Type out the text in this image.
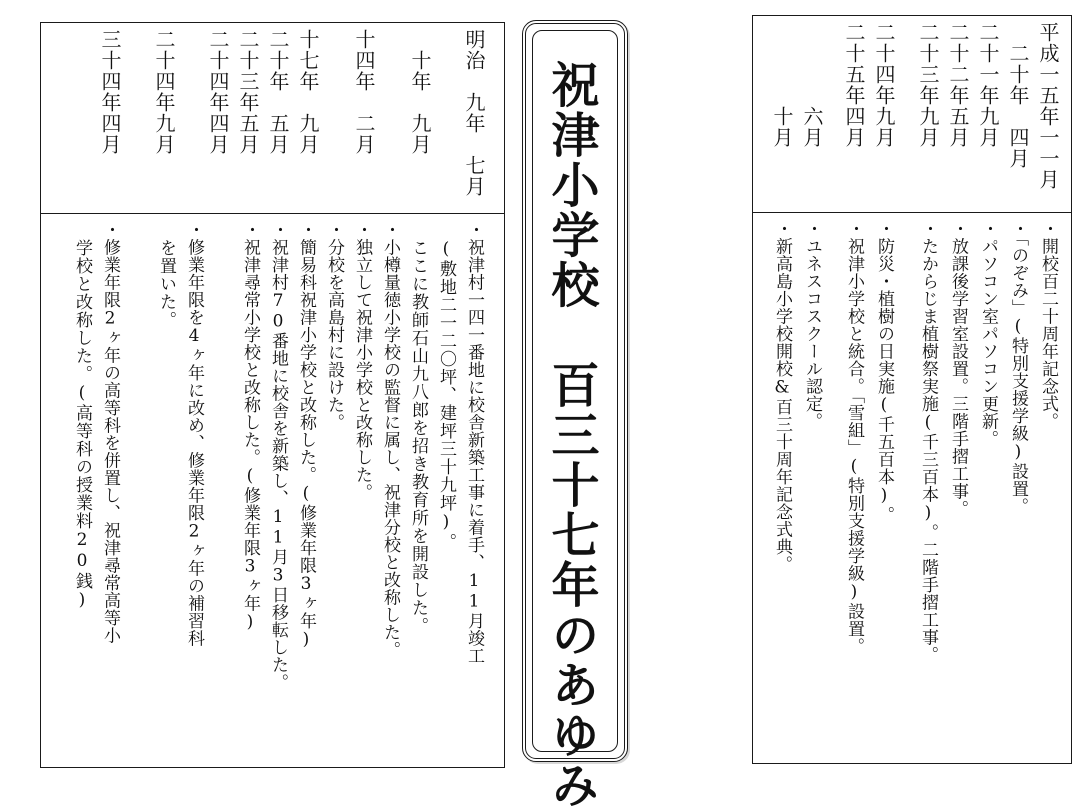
明治　九年　七月
　十年　九月
十四年　二月
十七年　九月
二十年　五月
二十三年五月
二十四年四月
二十四年九月
三十四年四月
・祝津村一四一番地に校舎新築工事に着手、11月竣工
　(敷地二一二〇坪、建坪三十九坪)。
　ここに教師石山九八郎を招き教育所を開設した。
・小樽量徳小学校の監督に属し、祝津分校と改称した。
・独立して祝津小学校と改称した。
・分校を高島村に設けた。
・簡易科祝津小学校と改称した。(修業年限3ヶ年)
・祝津村70番地に校舎を新築し、11月3日移転した。
・祝津尋常小学校と改称した。(修業年限3ヶ年)
・修業年限を4ヶ年に改め、修業年限2ヶ年の補習科
　を置いた。
・修業年限2ヶ年の高等科を併置し、祝津尋常高等小
　学校と改称した。(高等科の授業料20銭)	祝津小学校　百三十七年のあゆみ	平成一五年一一月
　二十年　四月
二十一年九月
二十二年五月
二十三年九月
二十四年九月
二十五年四月
　　　　六月
　　　　十月
・開校百二十周年記念式。
・「のぞみ」(特別支援学級)設置。
・パソコン室パソコン更新。
・放課後学習室設置。三階手摺工事。
・たからじま植樹祭実施(千三百本)。二階手摺工事。
・防災・植樹の日実施(千五百本)。
・祝津小学校と統合。「雪組」(特別支援学級)設置。
・ユネスコスクール認定。
・新高島小学校開校&百三十周年記念式典。
